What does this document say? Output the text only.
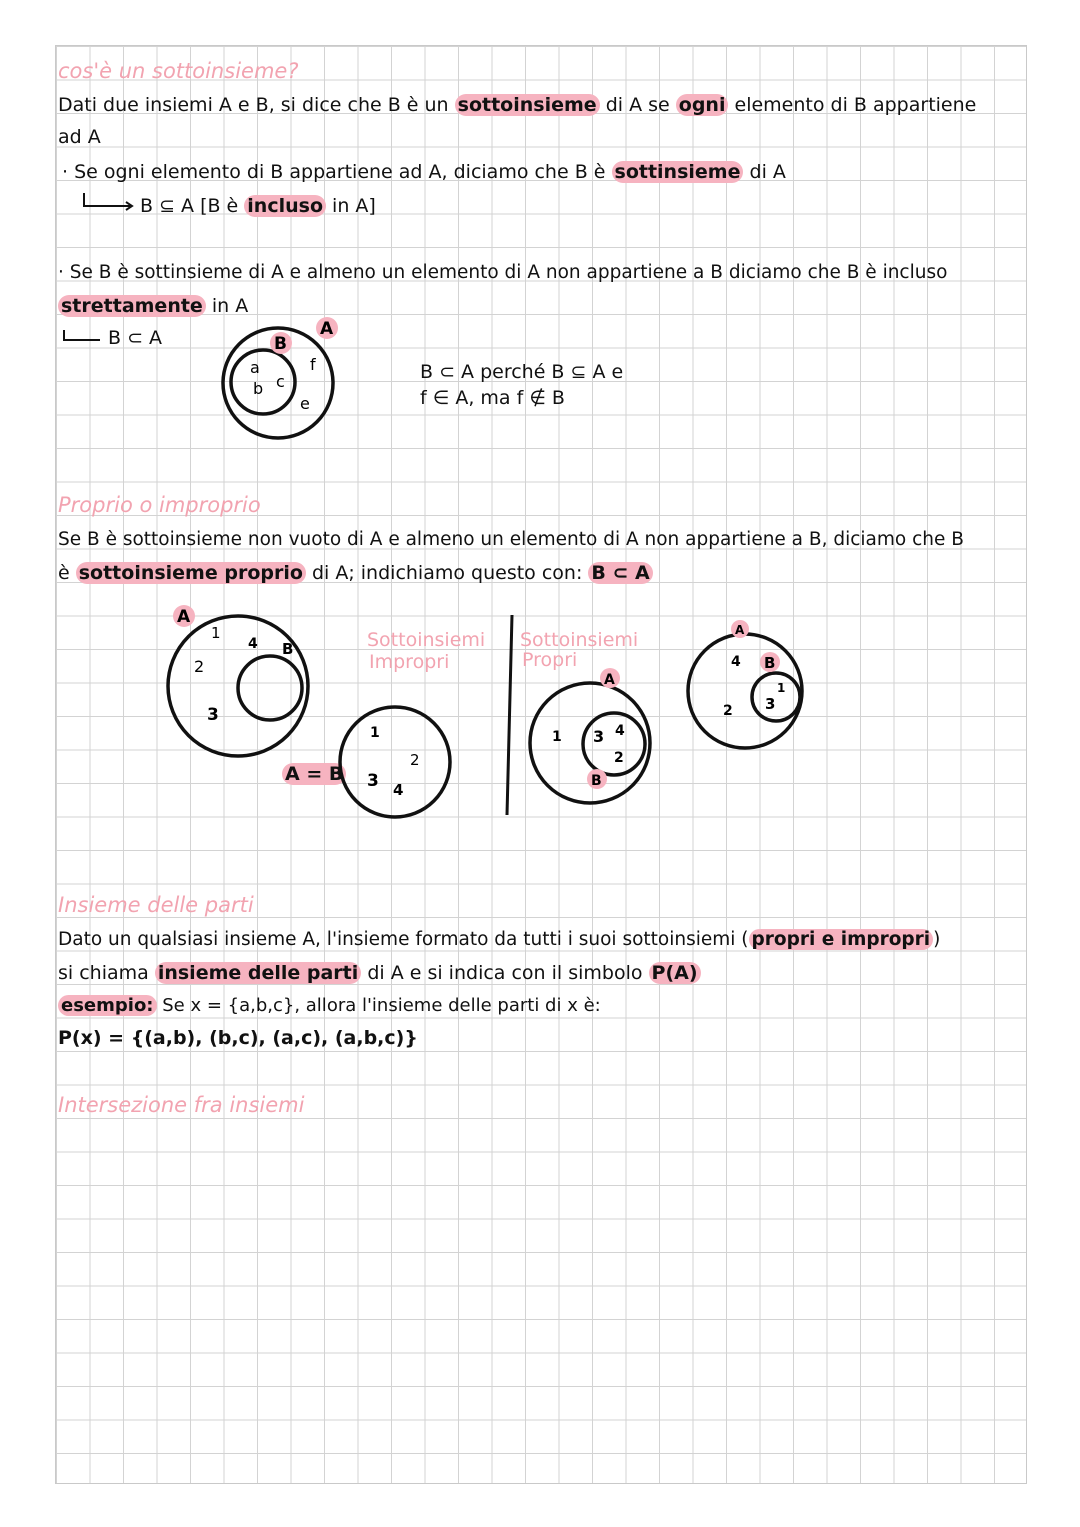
cos'è un sottoinsieme?
Dati due insiemi A e B, si dice che B è un sottoinsieme di A se ogni elemento di B appartiene
ad A
· Se ogni elemento di B appartiene ad A, diciamo che B è sottinsieme di A
B ⊆ A [B è incluso in A]
· Se B è sottinsieme di A e almeno un elemento di A non appartiene a B diciamo che B è incluso
strettamente in A
B ⊂ A
B ⊂ A perché B ⊆ A e
f ∈ A, ma f ∉ B
Proprio o improprio
Se B è sottoinsieme non vuoto di A e almeno un elemento di A non appartiene a B, diciamo che B
è sottoinsieme proprio di A; indichiamo questo con: B ⊂ A
Sottoinsiemi
Impropri
Sottoinsiemi
Propri
A = B
Insieme delle parti
Dato un qualsiasi insieme A, l'insieme formato da tutti i suoi sottoinsiemi ( propri e impropri )
si chiama insieme delle parti di A e si indica con il simbolo P(A)
esempio: Se x = {a,b,c}, allora l'insieme delle parti di x è:
P(x) = {(a,b), (b,c), (a,c), (a,b,c)}
Intersezione fra insiemi
A
B
a
b c
f
e
A
B
1
4
2
3
1
2
3 4
A
B
1 3 4
2
A
B
4
2
1
3
